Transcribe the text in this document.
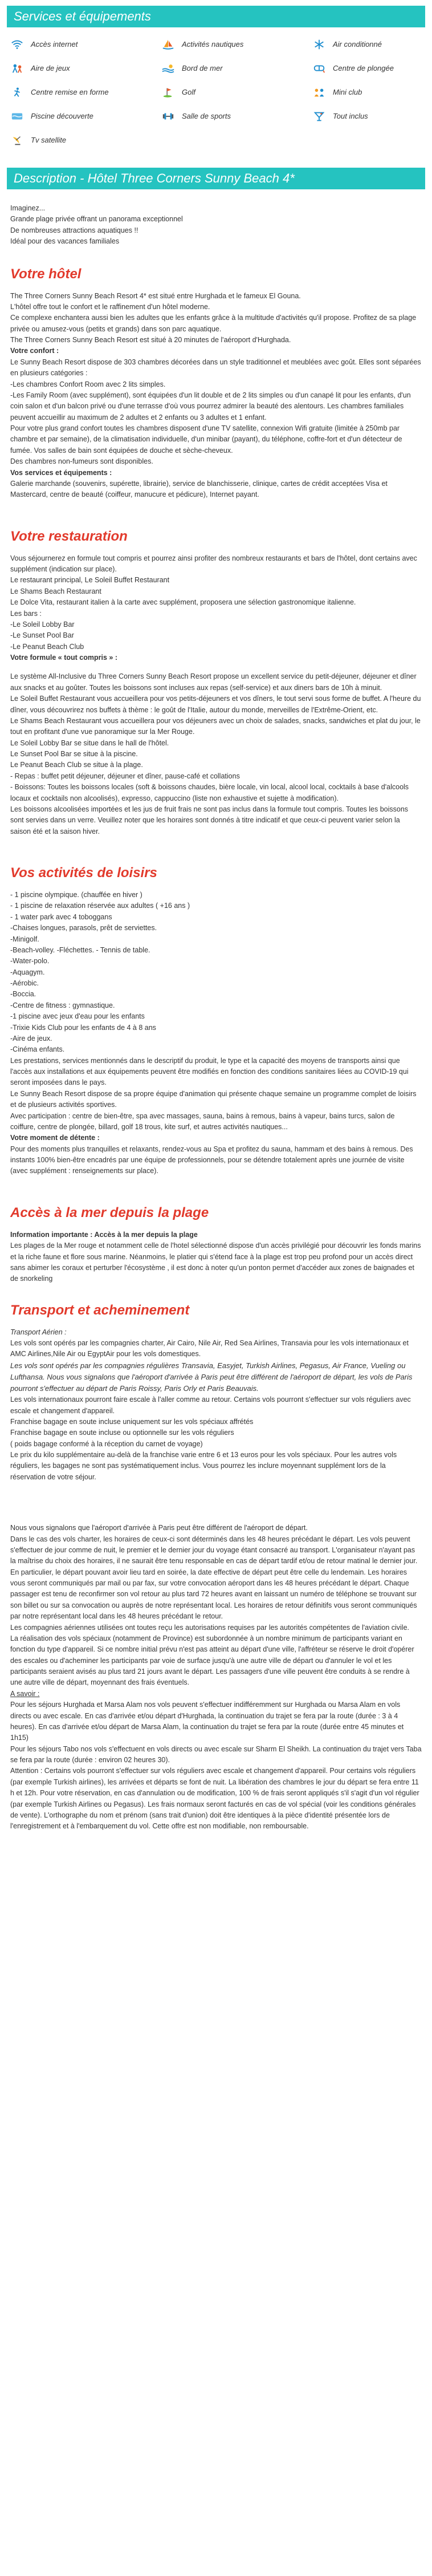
Services et équipements
Accès internet	Activités nautiques	Air conditionné
Aire de jeux	Bord de mer	Centre de plongée
Centre remise en forme	Golf	Mini club
Piscine découverte	Salle de sports	Tout inclus
Tv satellite
Description - Hôtel Three Corners Sunny Beach 4*

Imaginez...

Grande plage privée offrant un panorama exceptionnel

De nombreuses attractions aquatiques !!

Idéal pour des vacances familiales

Votre hôtel

The Three Corners Sunny Beach Resort 4* est situé entre Hurghada et le fameux El Gouna.

L'hôtel offre tout le confort et le raffinement d'un hôtel moderne.

Ce complexe enchantera aussi bien les adultes que les enfants grâce à la multitude d'activités qu'il propose. Profitez de sa plage privée ou amusez-vous (petits et grands) dans son parc aquatique.

The Three Corners Sunny Beach Resort est situé à 20 minutes de l'aéroport d'Hurghada.

Votre confort :

Le Sunny Beach Resort dispose de 303 chambres décorées dans un style traditionnel et meublées avec goût. Elles sont séparées en plusieurs catégories :

-Les chambres Confort Room avec 2 lits simples.

-Les Family Room (avec supplément), sont équipées d'un lit double et de 2 lits simples ou d'un canapé lit pour les enfants, d'un coin salon et d'un balcon privé ou d'une terrasse d'où vous pourrez admirer la beauté des alentours. Les chambres familiales peuvent accueillir au maximum de 2 adultes et 2 enfants ou 3 adultes et 1 enfant.

Pour votre plus grand confort toutes les chambres disposent d'une TV satellite, connexion Wifi gratuite (limitée à 250mb par chambre et par semaine), de la climatisation individuelle, d'un minibar (payant), du téléphone, coffre-fort et d'un détecteur de fumée. Vos salles de bain sont équipées de douche et sèche-cheveux.

Des chambres non-fumeurs sont disponibles.

Vos services et équipements :

Galerie marchande (souvenirs, supérette, librairie), service de blanchisserie, clinique, cartes de crédit acceptées Visa et Mastercard, centre de beauté (coiffeur, manucure et pédicure), Internet payant.

Votre restauration

Vous séjournerez en formule tout compris et pourrez ainsi profiter des nombreux restaurants et bars de l'hôtel, dont certains avec supplément (indication sur place).

Le restaurant principal, Le Soleil Buffet Restaurant

Le Shams Beach Restaurant

Le Dolce Vita, restaurant italien à la carte avec supplément, proposera une sélection gastronomique italienne.

Les bars :

-Le Soleil Lobby Bar

-Le Sunset Pool Bar

-Le Peanut Beach Club

Votre formule « tout compris » :

Le système All-Inclusive du Three Corners Sunny Beach Resort propose un excellent service du petit-déjeuner, déjeuner et dîner aux snacks et au goûter. Toutes les boissons sont incluses aux repas (self-service) et aux diners bars de 10h à minuit.

Le Soleil Buffet Restaurant vous accueillera pour vos petits-déjeuners et vos dîners, le tout servi sous forme de buffet. A l'heure du dîner, vous découvrirez nos buffets à thème : le goût de l'Italie, autour du monde, merveilles de l'Extrême-Orient, etc.

Le Shams Beach Restaurant vous accueillera pour vos déjeuners avec un choix de salades, snacks, sandwiches et plat du jour, le tout en profitant d'une vue panoramique sur la Mer Rouge.

Le Soleil Lobby Bar se situe dans le hall de l'hôtel.

Le Sunset Pool Bar se situe à la piscine.

Le Peanut Beach Club se situe à la plage.

- Repas : buffet petit déjeuner, déjeuner et dîner, pause-café et collations

- Boissons: Toutes les boissons locales (soft & boissons chaudes, bière locale, vin local, alcool local, cocktails à base d'alcools locaux et cocktails non alcoolisés), expresso, cappuccino (liste non exhaustive et sujette à modification).

Les boissons alcoolisées importées et les jus de fruit frais ne sont pas inclus dans la formule tout compris. Toutes les boissons sont servies dans un verre. Veuillez noter que les horaires sont donnés à titre indicatif et que ceux-ci peuvent varier selon la saison été et la saison hiver.

Vos activités de loisirs

- 1 piscine olympique. (chauffée en hiver )

- 1 piscine de relaxation réservée aux adultes ( +16 ans )

- 1 water park avec 4 toboggans

-Chaises longues, parasols, prêt de serviettes.

-Minigolf.

-Beach-volley. -Fléchettes. - Tennis de table.

-Water-polo.

-Aquagym.

-Aérobic.

-Boccia.

-Centre de fitness : gymnastique.

-1 piscine avec jeux d'eau pour les enfants

-Trixie Kids Club pour les enfants de 4 à 8 ans

-Aire de jeux.

-Cinéma enfants.

Les prestations, services mentionnés dans le descriptif du produit, le type et la capacité des moyens de transports ainsi que l'accès aux installations et aux équipements peuvent être modifiés en fonction des conditions sanitaires liées au COVID-19 qui seront imposées dans le pays.

Le Sunny Beach Resort dispose de sa propre équipe d'animation qui présente chaque semaine un programme complet de loisirs et de plusieurs activités sportives.

Avec participation : centre de bien-être, spa avec massages, sauna, bains à remous, bains à vapeur, bains turcs, salon de coiffure, centre de plongée, billard, golf 18 trous, kite surf, et autres activités nautiques...

Votre moment de détente :

Pour des moments plus tranquilles et relaxants, rendez-vous au Spa et profitez du sauna, hammam et des bains à remous. Des instants 100% bien-être encadrés par une équipe de professionnels, pour se détendre totalement après une journée de visite (avec supplément : renseignements sur place).

Accès à la mer depuis la plage

Information importante : Accès à la mer depuis la plage

Les plages de la Mer rouge et notamment celle de l'hotel sélectionné dispose d'un accès privilégié pour découvrir les fonds marins et la riche faune et flore sous marine. Néanmoins, le platier qui s'étend face à la plage est trop peu profond pour un accès direct sans abimer les coraux et perturber l'écosystème , il est donc à noter qu'un ponton permet d'accéder aux zones de baignades et de snorkeling

Transport et acheminement

Transport Aérien :

Les vols sont opérés par les compagnies charter, Air Cairo, Nile Air, Red Sea Airlines, Transavia pour les vols internationaux et AMC Airlines,Nile Air ou EgyptAir pour les vols domestiques.

Les vols sont opérés par les compagnies régulières Transavia, Easyjet, Turkish Airlines, Pegasus, Air France, Vueling ou Lufthansa. Nous vous signalons que l'aéroport d'arrivée à Paris peut être différent de l'aéroport de départ, les vols de Paris pourront s'effectuer au départ de Paris Roissy, Paris Orly et Paris Beauvais.

Les vols internationaux pourront faire escale à l'aller comme au retour. Certains vols pourront s'effectuer sur vols réguliers avec escale et changement d'appareil.

Franchise bagage en soute incluse uniquement sur les vols spéciaux affrétés

Franchise bagage en soute incluse ou optionnelle sur les vols réguliers

( poids bagage conformé à la réception du carnet de voyage)

Le prix du kilo supplémentaire au-delà de la franchise varie entre 6 et 13 euros pour les vols spéciaux. Pour les autres vols réguliers, les bagages ne sont pas systématiquement inclus. Vous pourrez les inclure moyennant supplément lors de la réservation de votre séjour.

Nous vous signalons que l'aéroport d'arrivée à Paris peut être différent de l'aéroport de départ.

Dans le cas des vols charter, les horaires de ceux-ci sont déterminés dans les 48 heures précédant le départ. Les vols peuvent s'effectuer de jour comme de nuit, le premier et le dernier jour du voyage étant consacré au transport. L'organisateur n'ayant pas la maîtrise du choix des horaires, il ne saurait être tenu responsable en cas de départ tardif et/ou de retour matinal le dernier jour. En particulier, le départ pouvant avoir lieu tard en soirée, la date effective de départ peut être celle du lendemain. Les horaires vous seront communiqués par mail ou par fax, sur votre convocation aéroport dans les 48 heures précédant le départ. Chaque passager est tenu de reconfirmer son vol retour au plus tard 72 heures avant en laissant un numéro de téléphone se trouvant sur son billet ou sur sa convocation ou auprès de notre représentant local. Les horaires de retour définitifs vous seront communiqués par notre représentant local dans les 48 heures précédant le retour.

Les compagnies aériennes utilisées ont toutes reçu les autorisations requises par les autorités compétentes de l'aviation civile.

La réalisation des vols spéciaux (notamment de Province) est subordonnée à un nombre minimum de participants variant en fonction du type d'appareil. Si ce nombre initial prévu n'est pas atteint au départ d'une ville, l'affréteur se réserve le droit d'opérer des escales ou d'acheminer les participants par voie de surface jusqu'à une autre ville de départ ou d'annuler le vol et les participants seraient avisés au plus tard 21 jours avant le départ. Les passagers d'une ville peuvent être conduits à se rendre à une autre ville de départ, moyennant des frais éventuels.

A savoir :

Pour les séjours Hurghada et Marsa Alam nos vols peuvent s'effectuer indifféremment sur Hurghada ou Marsa Alam en vols directs ou avec escale. En cas d'arrivée et/ou départ d'Hurghada, la continuation du trajet se fera par la route (durée : 3 à 4 heures). En cas d'arrivée et/ou départ de Marsa Alam, la continuation du trajet se fera par la route (durée entre 45 minutes et 1h15)

Pour les séjours Tabo nos vols s'effectuent en vols directs ou avec escale sur Sharm El Sheikh. La continuation du trajet vers Taba se fera par la route (durée : environ 02 heures 30).

Attention : Certains vols pourront s'effectuer sur vols réguliers avec escale et changement d'appareil. Pour certains vols réguliers (par exemple Turkish airlines), les arrivées et départs se font de nuit. La libération des chambres le jour du départ se fera entre 11 h et 12h. Pour votre réservation, en cas d'annulation ou de modification, 100 % de frais seront appliqués s'il s'agit d'un vol régulier (par exemple Turkish Airlines ou Pegasus). Les frais normaux seront facturés en cas de vol spécial (voir les conditions générales de vente). L'orthographe du nom et prénom (sans trait d'union) doit être identiques à la pièce d'identité présentée lors de l'enregistrement et à l'embarquement du vol. Cette offre est non modifiable, non remboursable.
